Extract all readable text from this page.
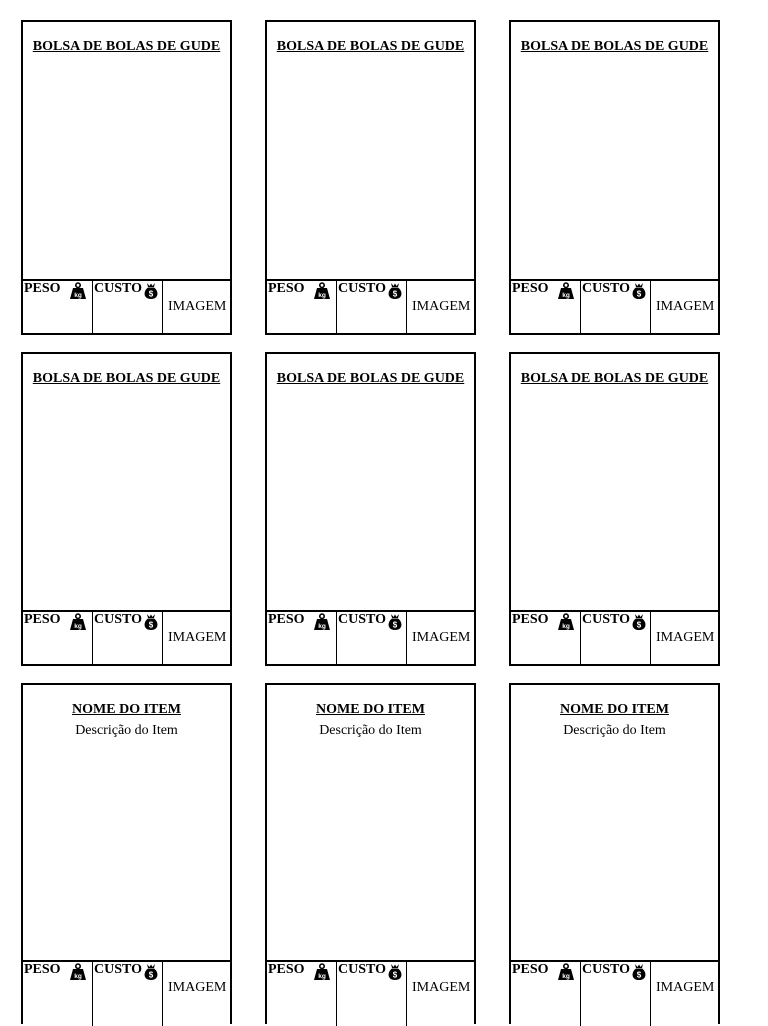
BOLSA DE BOLAS DE GUDE
PESO kg CUSTO $
IMAGEM
BOLSA DE BOLAS DE GUDE
PESO kg CUSTO $
IMAGEM
BOLSA DE BOLAS DE GUDE
PESO kg CUSTO $
IMAGEM
BOLSA DE BOLAS DE GUDE
PESO kg CUSTO $
IMAGEM
BOLSA DE BOLAS DE GUDE
PESO kg CUSTO $
IMAGEM
BOLSA DE BOLAS DE GUDE
PESO kg CUSTO $
IMAGEM
NOME DO ITEM
Descrição do Item
PESO kg CUSTO $
IMAGEM
NOME DO ITEM
Descrição do Item
PESO kg CUSTO $
IMAGEM
NOME DO ITEM
Descrição do Item
PESO kg CUSTO $
IMAGEM
